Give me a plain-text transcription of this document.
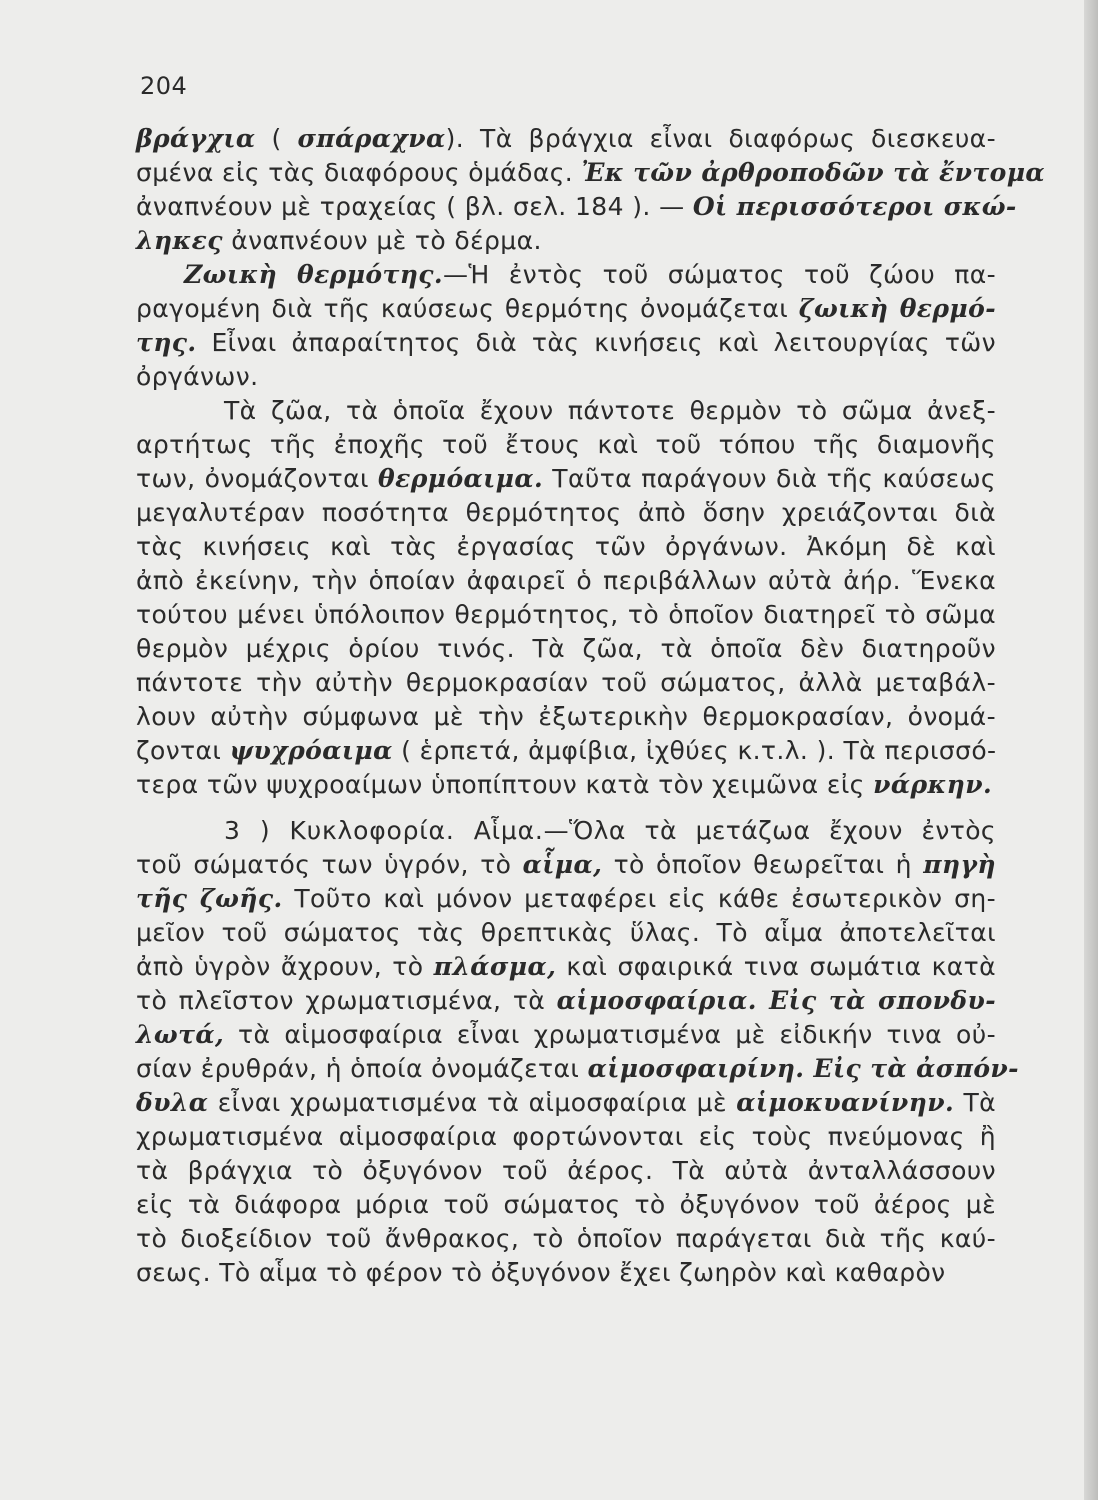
204
βράγχια ( σπάραχνα). Τὰ βράγχια εἶναι διαφόρως διεσκευα-
σμένα εἰς τὰς διαφόρους ὁμάδας. Ἐκ τῶν ἀρθροποδῶν τὰ ἔντομα
ἀναπνέουν μὲ τραχείας ( βλ. σελ. 184 ). — Οἱ περισσότεροι σκώ-
ληκες ἀναπνέουν μὲ τὸ δέρμα.
Ζωικὴ θερμότης.—Ἡ ἐντὸς τοῦ σώματος τοῦ ζώου πα-
ραγομένη διὰ τῆς καύσεως θερμότης ὀνομάζεται ζωικὴ θερμό-
της. Εἶναι ἀπαραίτητος διὰ τὰς κινήσεις καὶ λειτουργίας τῶν
ὀργάνων.
Τὰ ζῶα, τὰ ὁποῖα ἔχουν πάντοτε θερμὸν τὸ σῶμα ἀνεξ-
αρτήτως τῆς ἐποχῆς τοῦ ἔτους καὶ τοῦ τόπου τῆς διαμονῆς
των, ὀνομάζονται θερμόαιμα. Ταῦτα παράγουν διὰ τῆς καύσεως
μεγαλυτέραν ποσότητα θερμότητος ἀπὸ ὅσην χρειάζονται διὰ
τὰς κινήσεις καὶ τὰς ἐργασίας τῶν ὀργάνων. Ἀκόμη δὲ καὶ
ἀπὸ ἐκείνην, τὴν ὁποίαν ἀφαιρεῖ ὁ περιβάλλων αὐτὰ ἀήρ. Ἕνεκα
τούτου μένει ὑπόλοιπον θερμότητος, τὸ ὁποῖον διατηρεῖ τὸ σῶμα
θερμὸν μέχρις ὁρίου τινός. Τὰ ζῶα, τὰ ὁποῖα δὲν διατηροῦν
πάντοτε τὴν αὐτὴν θερμοκρασίαν τοῦ σώματος, ἀλλὰ μεταβάλ-
λουν αὐτὴν σύμφωνα μὲ τὴν ἐξωτερικὴν θερμοκρασίαν, ὀνομά-
ζονται ψυχρόαιμα ( ἑρπετά, ἀμφίβια, ἰχθύες κ.τ.λ. ). Τὰ περισσό-
τερα τῶν ψυχροαίμων ὑποπίπτουν κατὰ τὸν χειμῶνα εἰς νάρκην.
3 ) Κυκλοφορία. Αἷμα.—Ὅλα τὰ μετάζωα ἔχουν ἐντὸς
τοῦ σώματός των ὑγρόν, τὸ αἷμα, τὸ ὁποῖον θεωρεῖται ἡ πηγὴ
τῆς ζωῆς. Τοῦτο καὶ μόνον μεταφέρει εἰς κάθε ἐσωτερικὸν ση-
μεῖον τοῦ σώματος τὰς θρεπτικὰς ὕλας. Τὸ αἷμα ἀποτελεῖται
ἀπὸ ὑγρὸν ἄχρουν, τὸ πλάσμα, καὶ σφαιρικά τινα σωμάτια κατὰ
τὸ πλεῖστον χρωματισμένα, τὰ αἱμοσφαίρια. Εἰς τὰ σπονδυ-
λωτά, τὰ αἱμοσφαίρια εἶναι χρωματισμένα μὲ εἰδικήν τινα οὐ-
σίαν ἐρυθράν, ἡ ὁποία ὀνομάζεται αἱμοσφαιρίνη. Εἰς τὰ ἀσπόν-
δυλα εἶναι χρωματισμένα τὰ αἱμοσφαίρια μὲ αἱμοκυανίνην. Τὰ
χρωματισμένα αἱμοσφαίρια φορτώνονται εἰς τοὺς πνεύμονας ἢ
τὰ βράγχια τὸ ὀξυγόνον τοῦ ἀέρος. Τὰ αὐτὰ ἀνταλλάσσουν
εἰς τὰ διάφορα μόρια τοῦ σώματος τὸ ὀξυγόνον τοῦ ἀέρος μὲ
τὸ διοξείδιον τοῦ ἄνθρακος, τὸ ὁποῖον παράγεται διὰ τῆς καύ-
σεως. Τὸ αἷμα τὸ φέρον τὸ ὀξυγόνον ἔχει ζωηρὸν καὶ καθαρὸν
